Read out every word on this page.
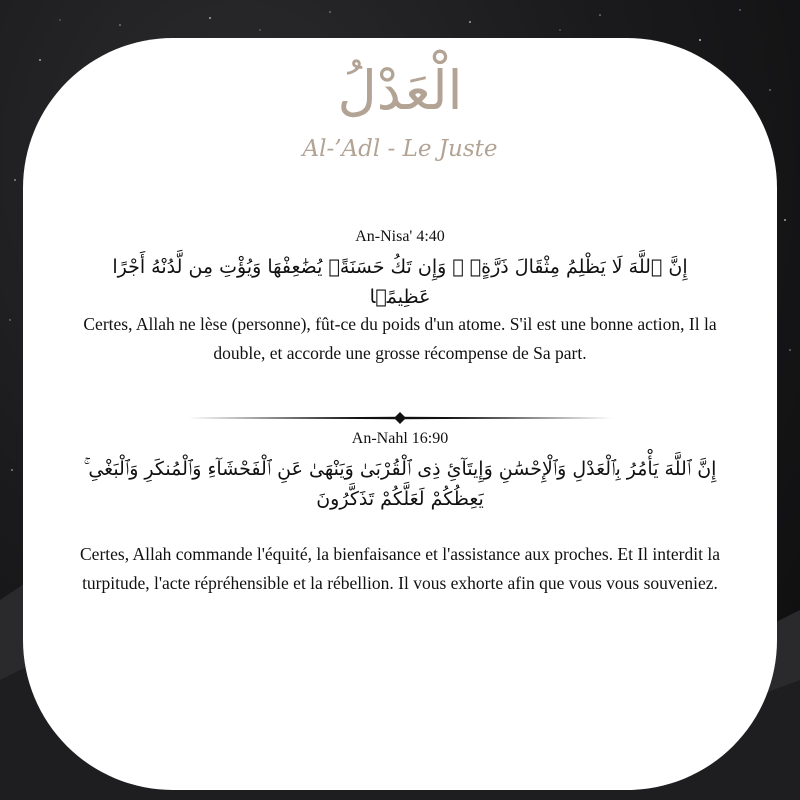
الْعَدْلُ
Al-’Adl - Le Juste
An-Nisa' 4:40
إِنَّ ٱللَّهَ لَا يَظْلِمُ مِثْقَالَ ذَرَّةٍۢ ۖ وَإِن تَكُ حَسَنَةًۭ يُضَٰعِفْهَا وَيُؤْتِ مِن لَّدُنْهُ أَجْرًا عَظِيمًۭا
Certes, Allah ne lèse (personne), fût-ce du poids d'un atome. S'il est une bonne action, Il la double, et accorde une grosse récompense de Sa part.
An-Nahl 16:90
إِنَّ ٱللَّهَ يَأْمُرُ بِٱلْعَدْلِ وَٱلْإِحْسَٰنِ وَإِيتَآئِ ذِى ٱلْقُرْبَىٰ وَيَنْهَىٰ عَنِ ٱلْفَحْشَآءِ وَٱلْمُنكَرِ وَٱلْبَغْىِ ۚ يَعِظُكُمْ لَعَلَّكُمْ تَذَكَّرُونَ
Certes, Allah commande l'équité, la bienfaisance et l'assistance aux proches. Et Il interdit la turpitude, l'acte répréhensible et la rébellion. Il vous exhorte afin que vous vous souveniez.
